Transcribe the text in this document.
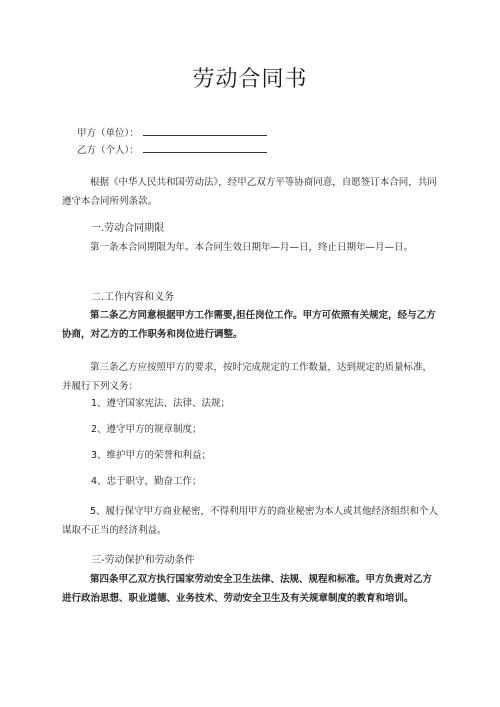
劳动合同书
甲方（单位）：
乙方（个人）：
根据《中华人民共和国劳动法》，经甲乙双方平等协商同意，自愿签订本合同，共同遵守本合同所列条款。
一.劳动合同期限
第一条本合同期限为年。本合同生效日期年—月—日，终止日期年—月—日。
二.工作内容和义务
第二条乙方同意根据甲方工作需要,担任岗位工作。甲方可依照有关规定，经与乙方协商，对乙方的工作职务和岗位进行调整。
第三条乙方应按照甲方的要求，按时完成规定的工作数量，达到规定的质量标准，并履行下列义务：
1、遵守国家宪法、法律、法规；
2、遵守甲方的规章制度；
3、维护甲方的荣誉和利益；
4、忠于职守，勤奋工作；
5、履行保守甲方商业秘密，不得利用甲方的商业秘密为本人或其他经济组织和个人谋取不正当的经济利益。
三-劳动保护和劳动条件
第四条甲乙双方执行国家劳动安全卫生法律、法规、规程和标准。甲方负责对乙方进行政治思想、职业道德、业务技术、劳动安全卫生及有关规章制度的教育和培训。
